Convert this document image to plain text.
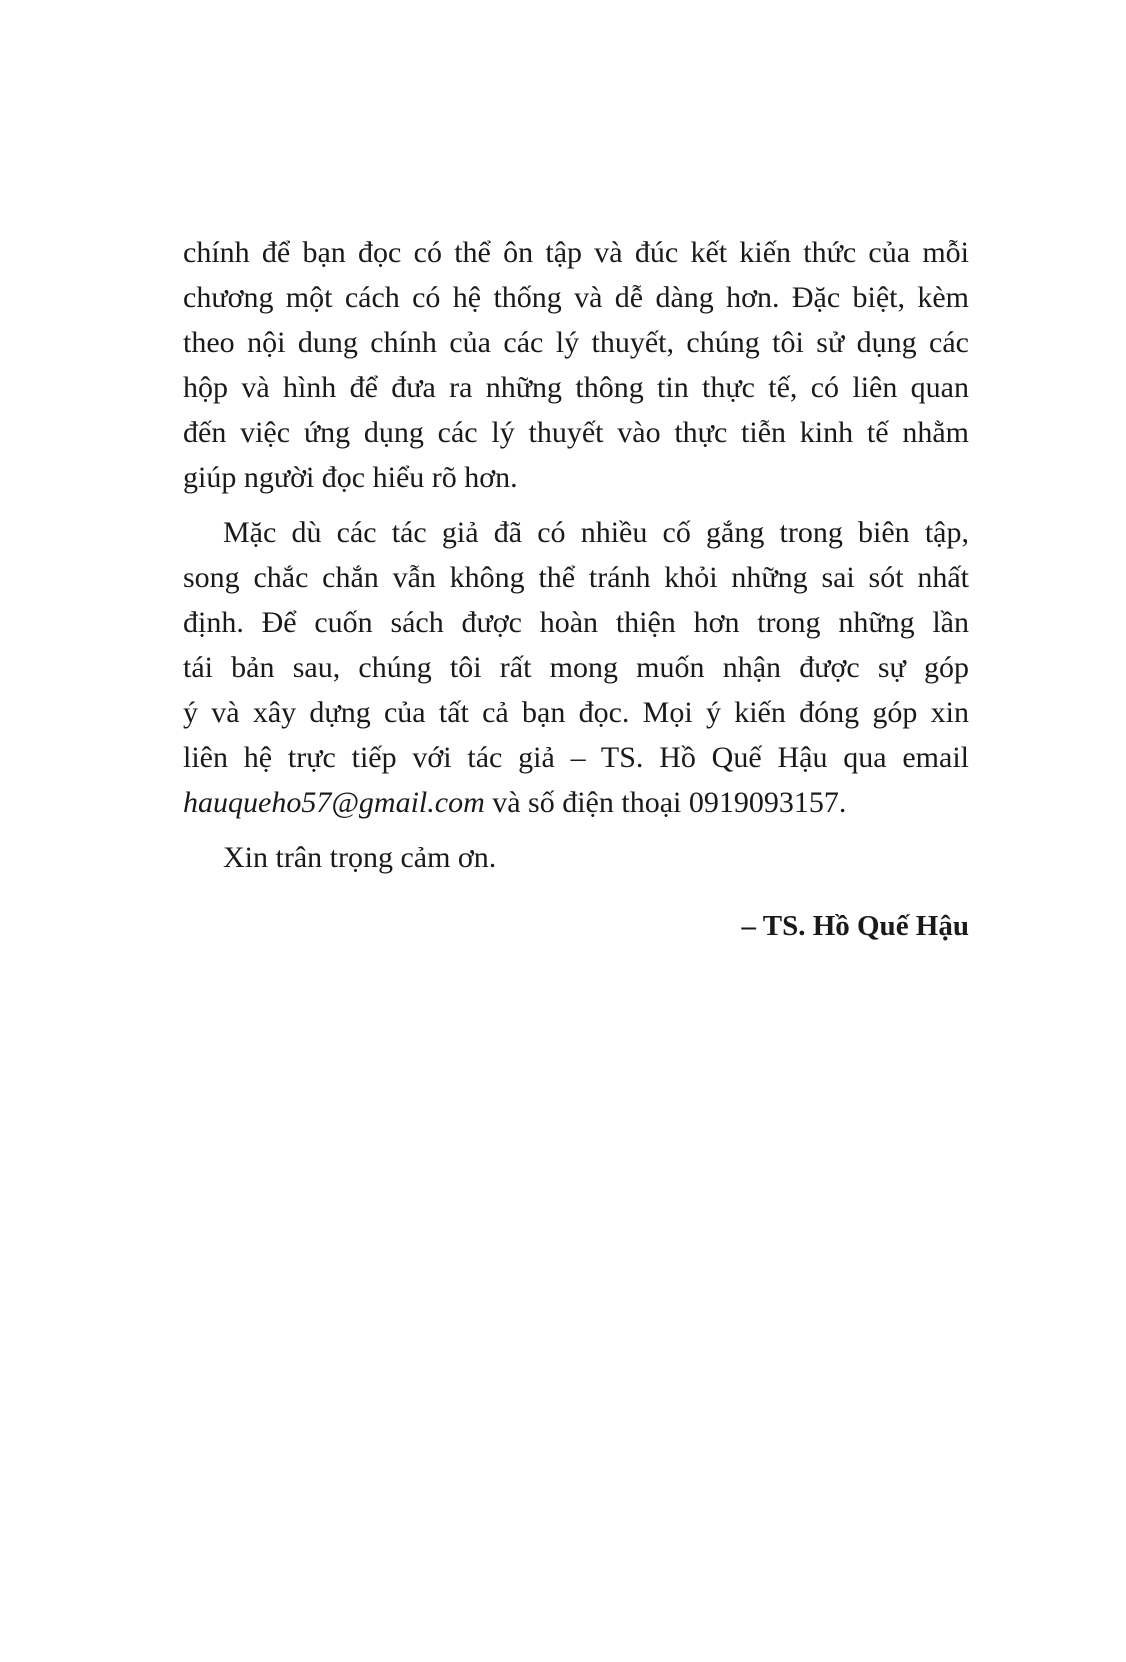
chính để bạn đọc có thể ôn tập và đúc kết kiến thức của mỗi
chương một cách có hệ thống và dễ dàng hơn. Đặc biệt, kèm
theo nội dung chính của các lý thuyết, chúng tôi sử dụng các
hộp và hình để đưa ra những thông tin thực tế, có liên quan
đến việc ứng dụng các lý thuyết vào thực tiễn kinh tế nhằm
giúp người đọc hiểu rõ hơn.
Mặc dù các tác giả đã có nhiều cố gắng trong biên tập,
song chắc chắn vẫn không thể tránh khỏi những sai sót nhất
định. Để cuốn sách được hoàn thiện hơn trong những lần
tái bản sau, chúng tôi rất mong muốn nhận được sự góp
ý và xây dựng của tất cả bạn đọc. Mọi ý kiến đóng góp xin
liên hệ trực tiếp với tác giả – TS. Hồ Quế Hậu qua email
hauqueho57@gmail.com và số điện thoại 0919093157.

Xin trân trọng cảm ơn.

– TS. Hồ Quế Hậu
